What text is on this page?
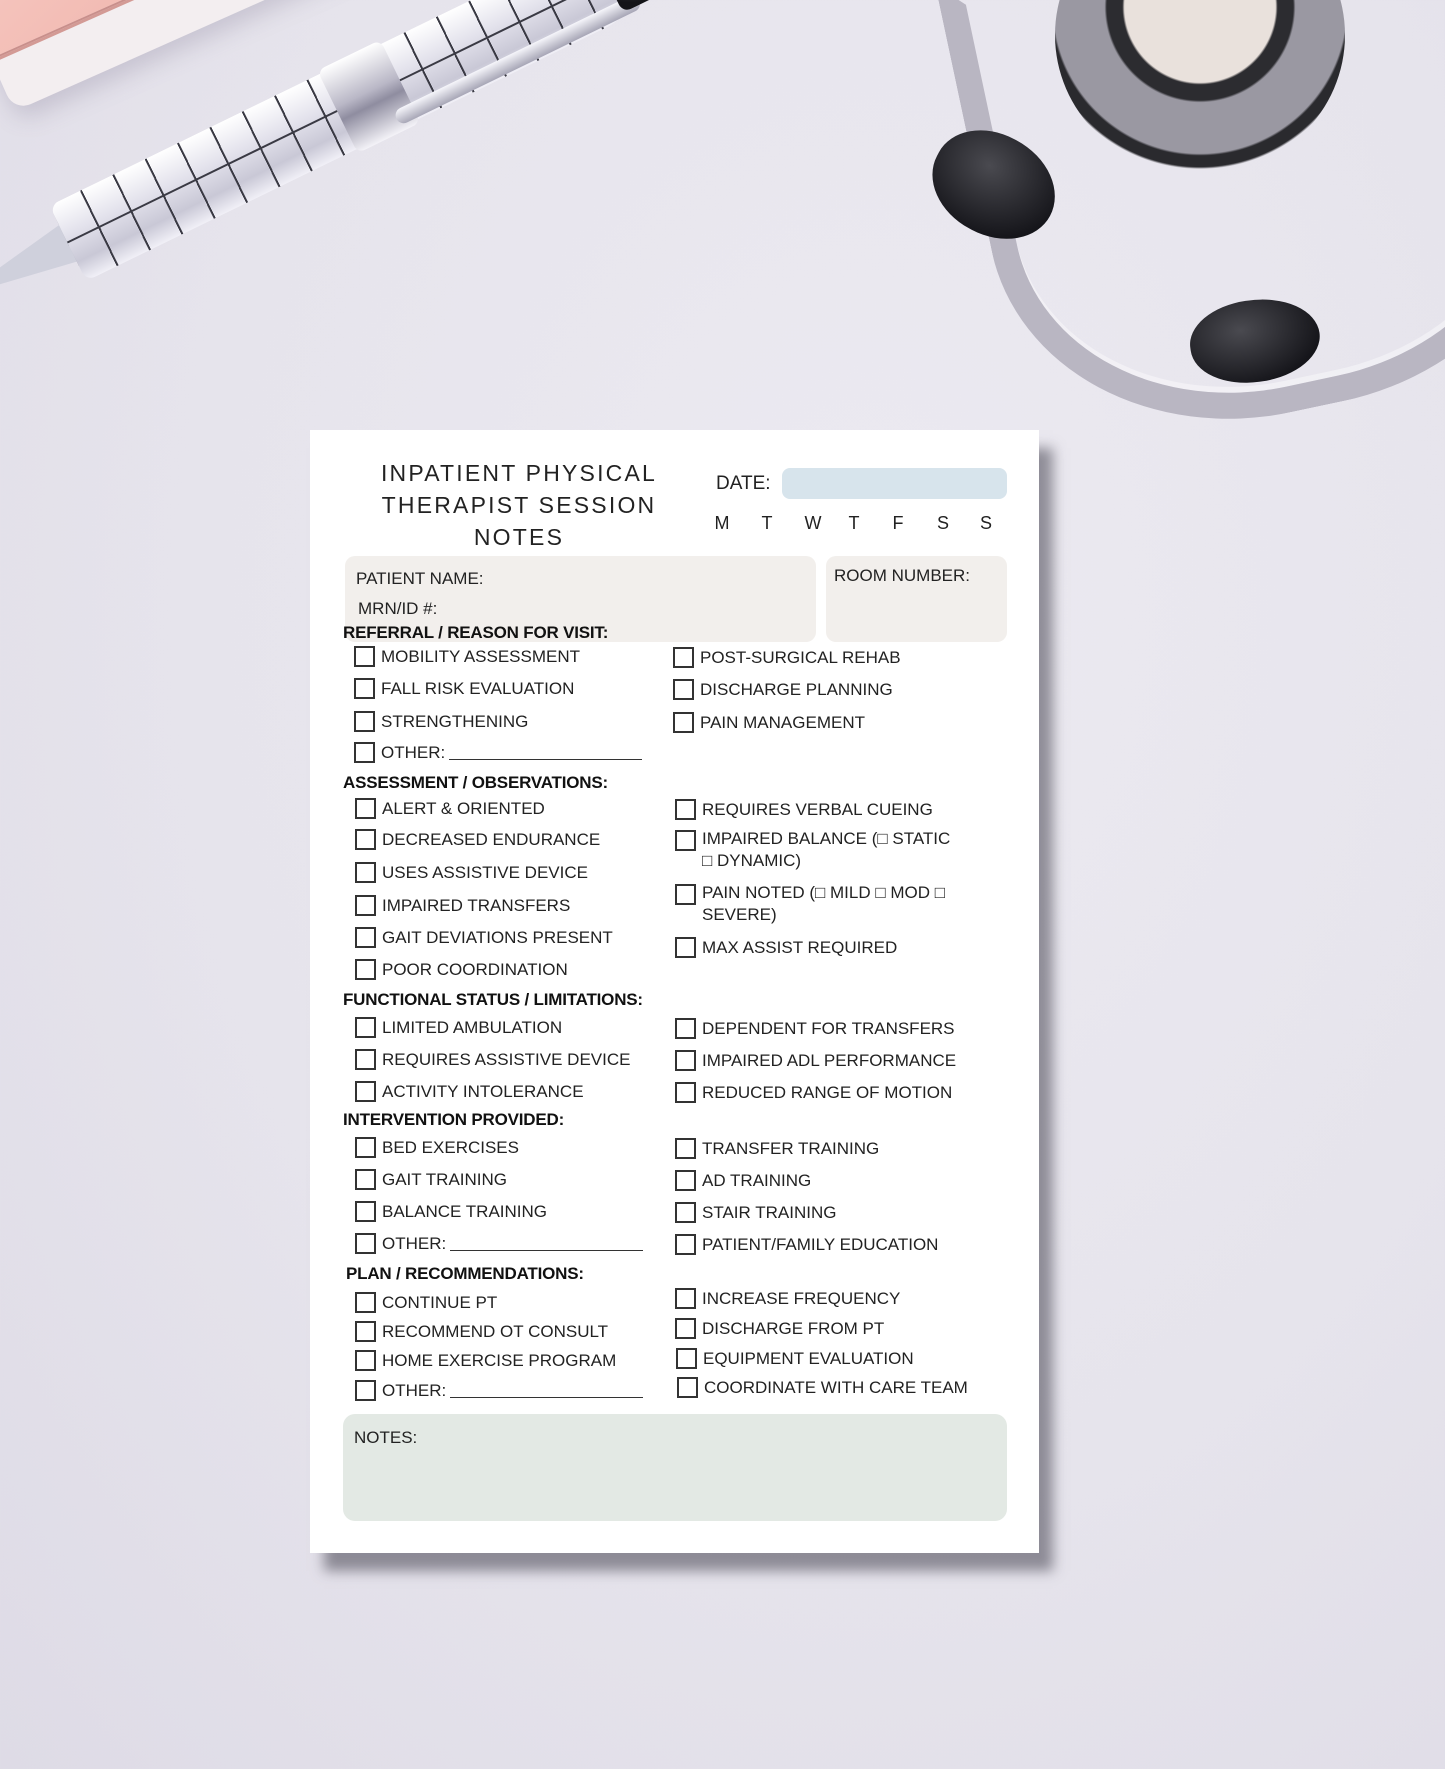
INPATIENT PHYSICAL
THERAPIST SESSION
NOTES
DATE:
M T W T F S S
PATIENT NAME:
MRN/ID #:
ROOM NUMBER:
REFERRAL / REASON FOR VISIT:
MOBILITY ASSESSMENT
FALL RISK EVALUATION
STRENGTHENING
OTHER:
POST-SURGICAL REHAB
DISCHARGE PLANNING
PAIN MANAGEMENT
ASSESSMENT / OBSERVATIONS:
ALERT & ORIENTED
DECREASED ENDURANCE
USES ASSISTIVE DEVICE
IMPAIRED TRANSFERS
GAIT DEVIATIONS PRESENT
POOR COORDINATION
REQUIRES VERBAL CUEING
IMPAIRED BALANCE (□ STATIC □ DYNAMIC)
PAIN NOTED (□ MILD □ MOD □ SEVERE)
MAX ASSIST REQUIRED
FUNCTIONAL STATUS / LIMITATIONS:
LIMITED AMBULATION
REQUIRES ASSISTIVE DEVICE
ACTIVITY INTOLERANCE
DEPENDENT FOR TRANSFERS
IMPAIRED ADL PERFORMANCE
REDUCED RANGE OF MOTION
INTERVENTION PROVIDED:
BED EXERCISES
GAIT TRAINING
BALANCE TRAINING
OTHER:
TRANSFER TRAINING
AD TRAINING
STAIR TRAINING
PATIENT/FAMILY EDUCATION
PLAN / RECOMMENDATIONS:
CONTINUE PT
RECOMMEND OT CONSULT
HOME EXERCISE PROGRAM
OTHER:
INCREASE FREQUENCY
DISCHARGE FROM PT
EQUIPMENT EVALUATION
COORDINATE WITH CARE TEAM
NOTES:
